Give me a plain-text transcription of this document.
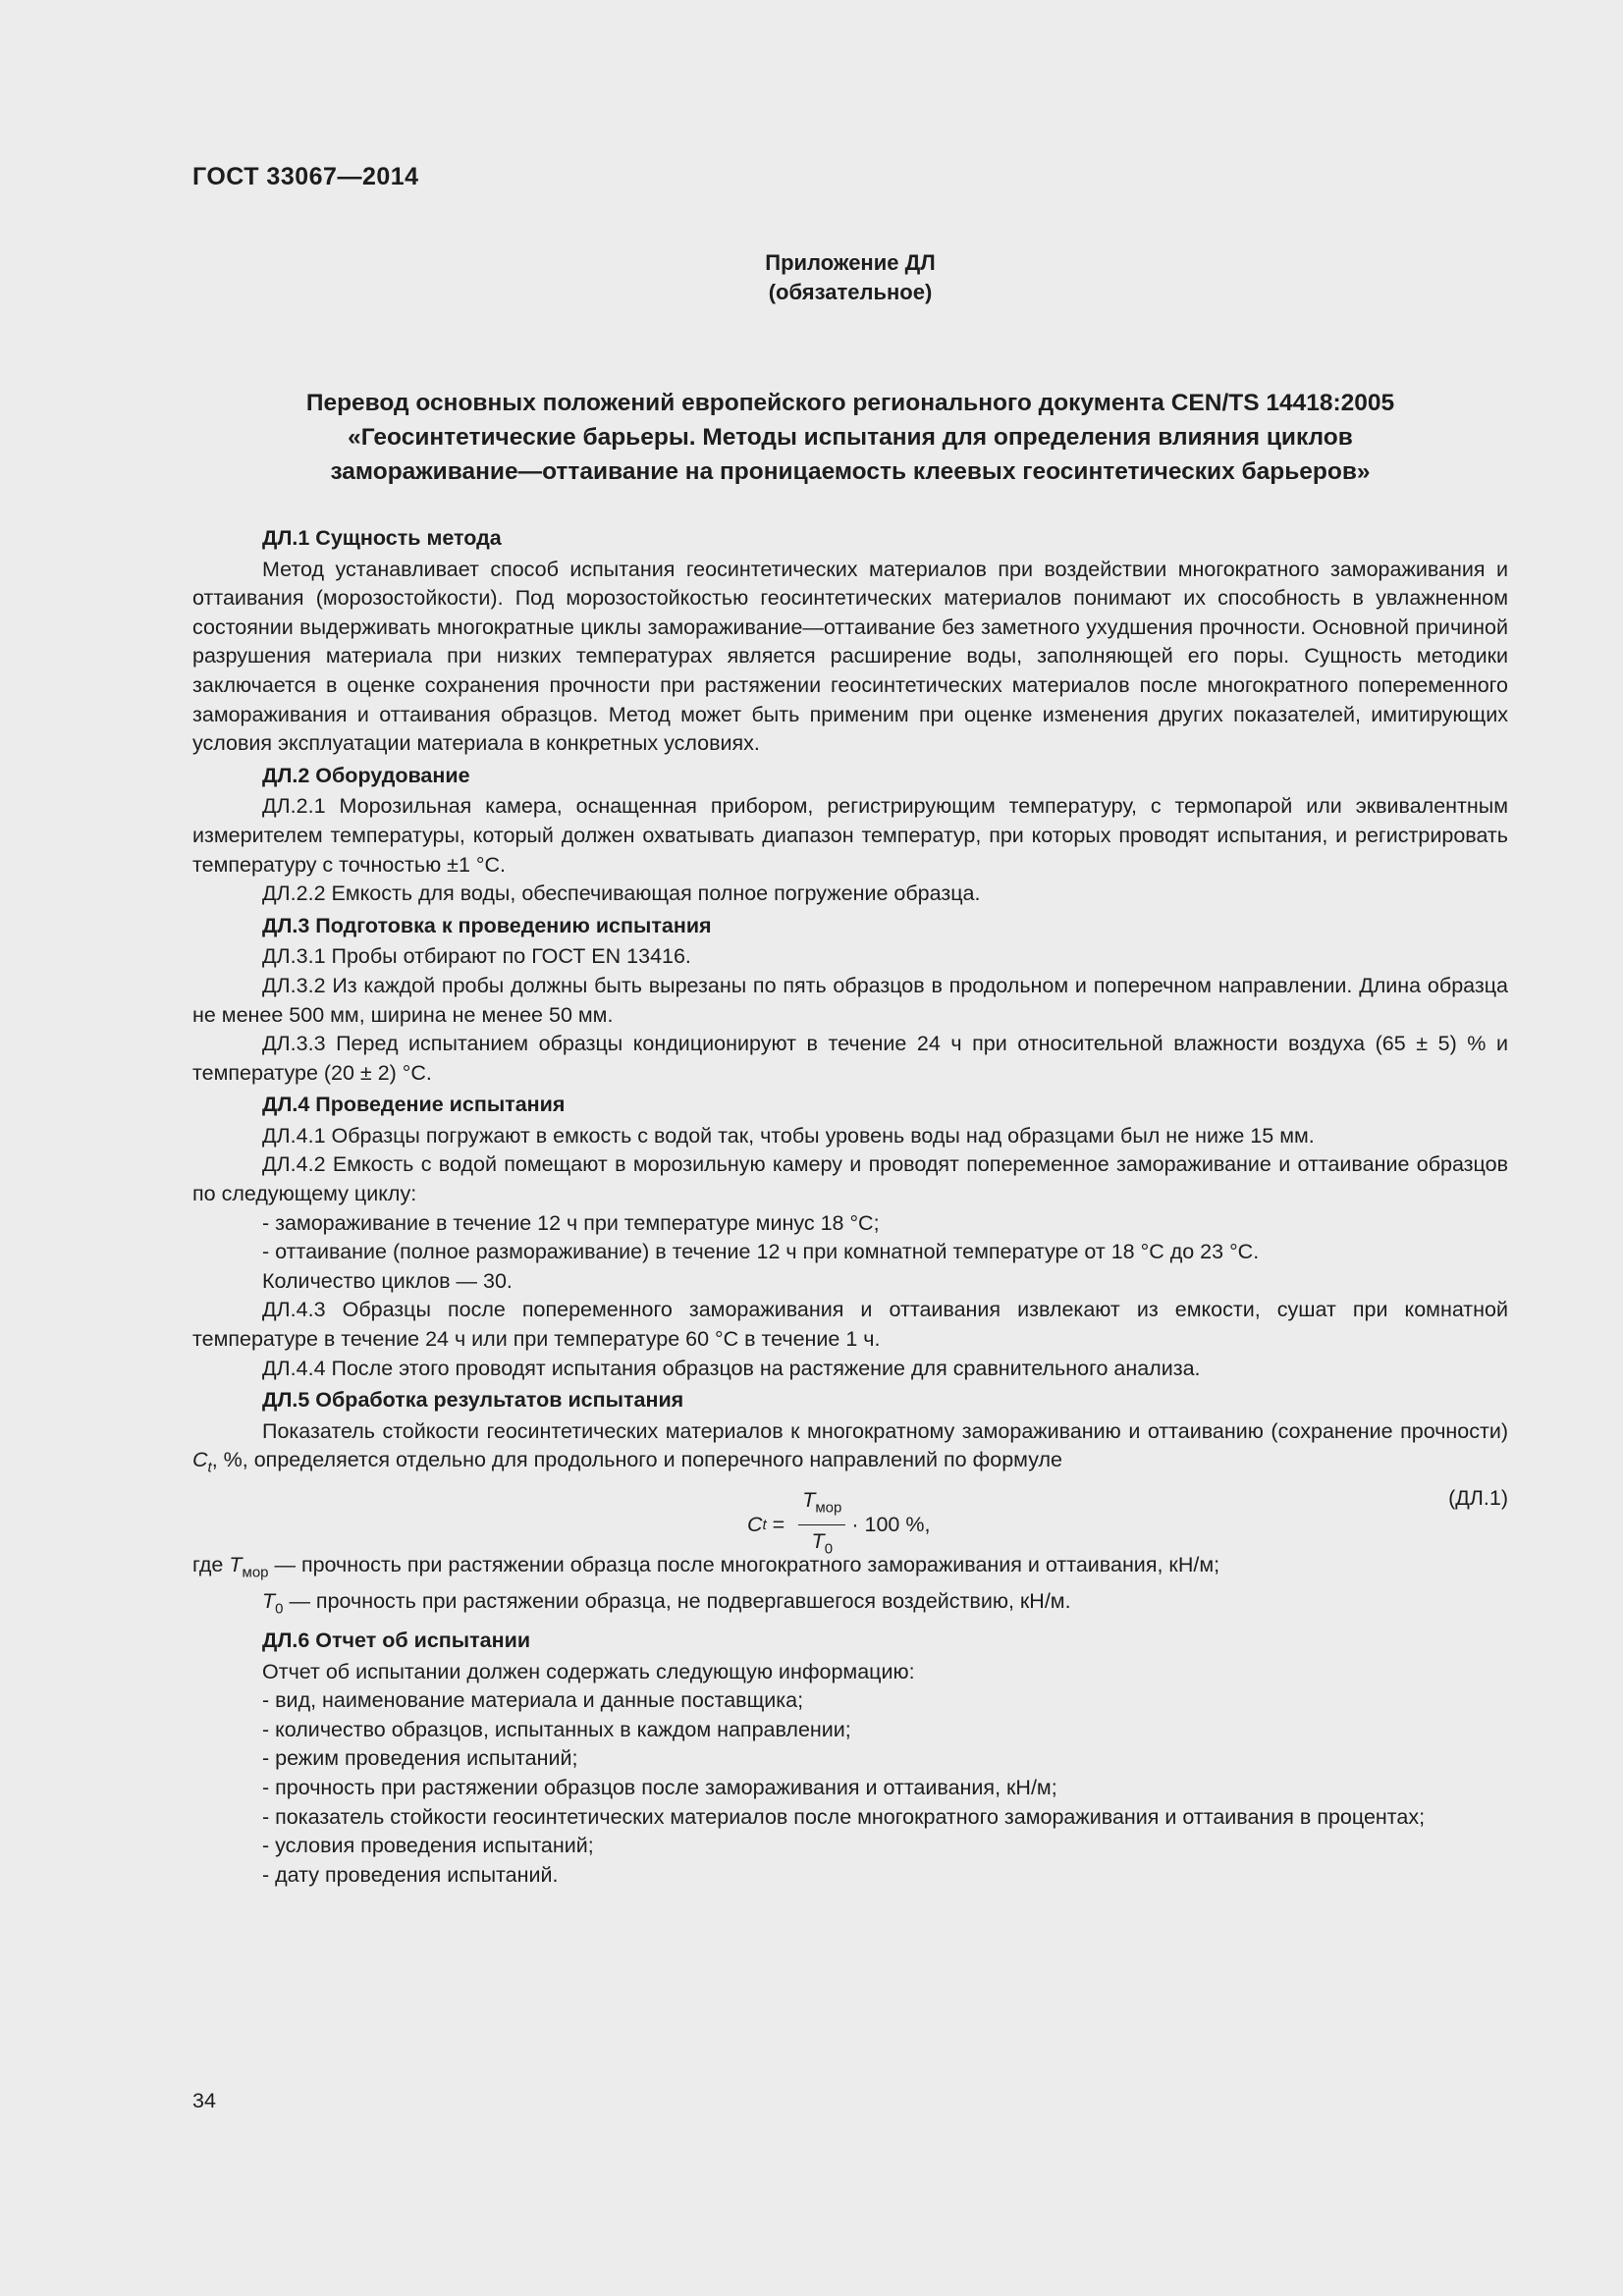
ГОСТ 33067—2014
Приложение ДЛ
(обязательное)
Перевод основных положений европейского регионального документа CEN/TS 14418:2005
«Геосинтетические барьеры. Методы испытания для определения влияния циклов
замораживание—оттаивание на проницаемость клеевых геосинтетических барьеров»
ДЛ.1 Сущность метода

Метод устанавливает способ испытания геосинтетических материалов при воздействии многократного замораживания и оттаивания (морозостойкости). Под морозостойкостью геосинтетических материалов понимают их способность в увлажненном состоянии выдерживать многократные циклы замораживание—оттаивание без заметного ухудшения прочности. Основной причиной разрушения материала при низких температурах является расширение воды, заполняющей его поры. Сущность методики заключается в оценке сохранения прочности при растяжении геосинтетических материалов после многократного попеременного замораживания и оттаивания образцов. Метод может быть применим при оценке изменения других показателей, имитирующих условия эксплуатации материала в конкретных условиях.

ДЛ.2 Оборудование

ДЛ.2.1 Морозильная камера, оснащенная прибором, регистрирующим температуру, с термопарой или эквивалентным измерителем температуры, который должен охватывать диапазон температур, при которых проводят испытания, и регистрировать температуру с точностью ±1 °С.

ДЛ.2.2 Емкость для воды, обеспечивающая полное погружение образца.

ДЛ.3 Подготовка к проведению испытания

ДЛ.3.1 Пробы отбирают по ГОСТ EN 13416.

ДЛ.3.2 Из каждой пробы должны быть вырезаны по пять образцов в продольном и поперечном направлении. Длина образца не менее 500 мм, ширина не менее 50 мм.

ДЛ.3.3 Перед испытанием образцы кондиционируют в течение 24 ч при относительной влажности воздуха (65 ± 5) % и температуре (20 ± 2) °С.

ДЛ.4 Проведение испытания

ДЛ.4.1 Образцы погружают в емкость с водой так, чтобы уровень воды над образцами был не ниже 15 мм.

ДЛ.4.2 Емкость с водой помещают в морозильную камеру и проводят попеременное замораживание и оттаивание образцов по следующему циклу:

- замораживание в течение 12 ч при температуре минус 18 °С;

- оттаивание (полное размораживание) в течение 12 ч при комнатной температуре от 18 °С до 23 °С.

Количество циклов — 30.

ДЛ.4.3 Образцы после попеременного замораживания и оттаивания извлекают из емкости, сушат при комнатной температуре в течение 24 ч или при температуре 60 °С в течение 1 ч.

ДЛ.4.4 После этого проводят испытания образцов на растяжение для сравнительного анализа.

ДЛ.5 Обработка результатов испытания

Показатель стойкости геосинтетических материалов к многократному замораживанию и оттаиванию (сохранение прочности) $C_t$, %, определяется отдельно для продольного и поперечного направлений по формуле

C $t = \frac{T_{мор}}{T_0} \cdot 100$ %,
(ДЛ.1)

где $T_{мор}$ — прочность при растяжении образца после многократного замораживания и оттаивания, кН/м;

$T_0$ — прочность при растяжении образца, не подвергавшегося воздействию, кН/м.

ДЛ.6 Отчет об испытании

Отчет об испытании должен содержать следующую информацию:

- вид, наименование материала и данные поставщика;

- количество образцов, испытанных в каждом направлении;

- режим проведения испытаний;

- прочность при растяжении образцов после замораживания и оттаивания, кН/м;

- показатель стойкости геосинтетических материалов после многократного замораживания и оттаивания в процентах;

- условия проведения испытаний;

- дату проведения испытаний.

34
